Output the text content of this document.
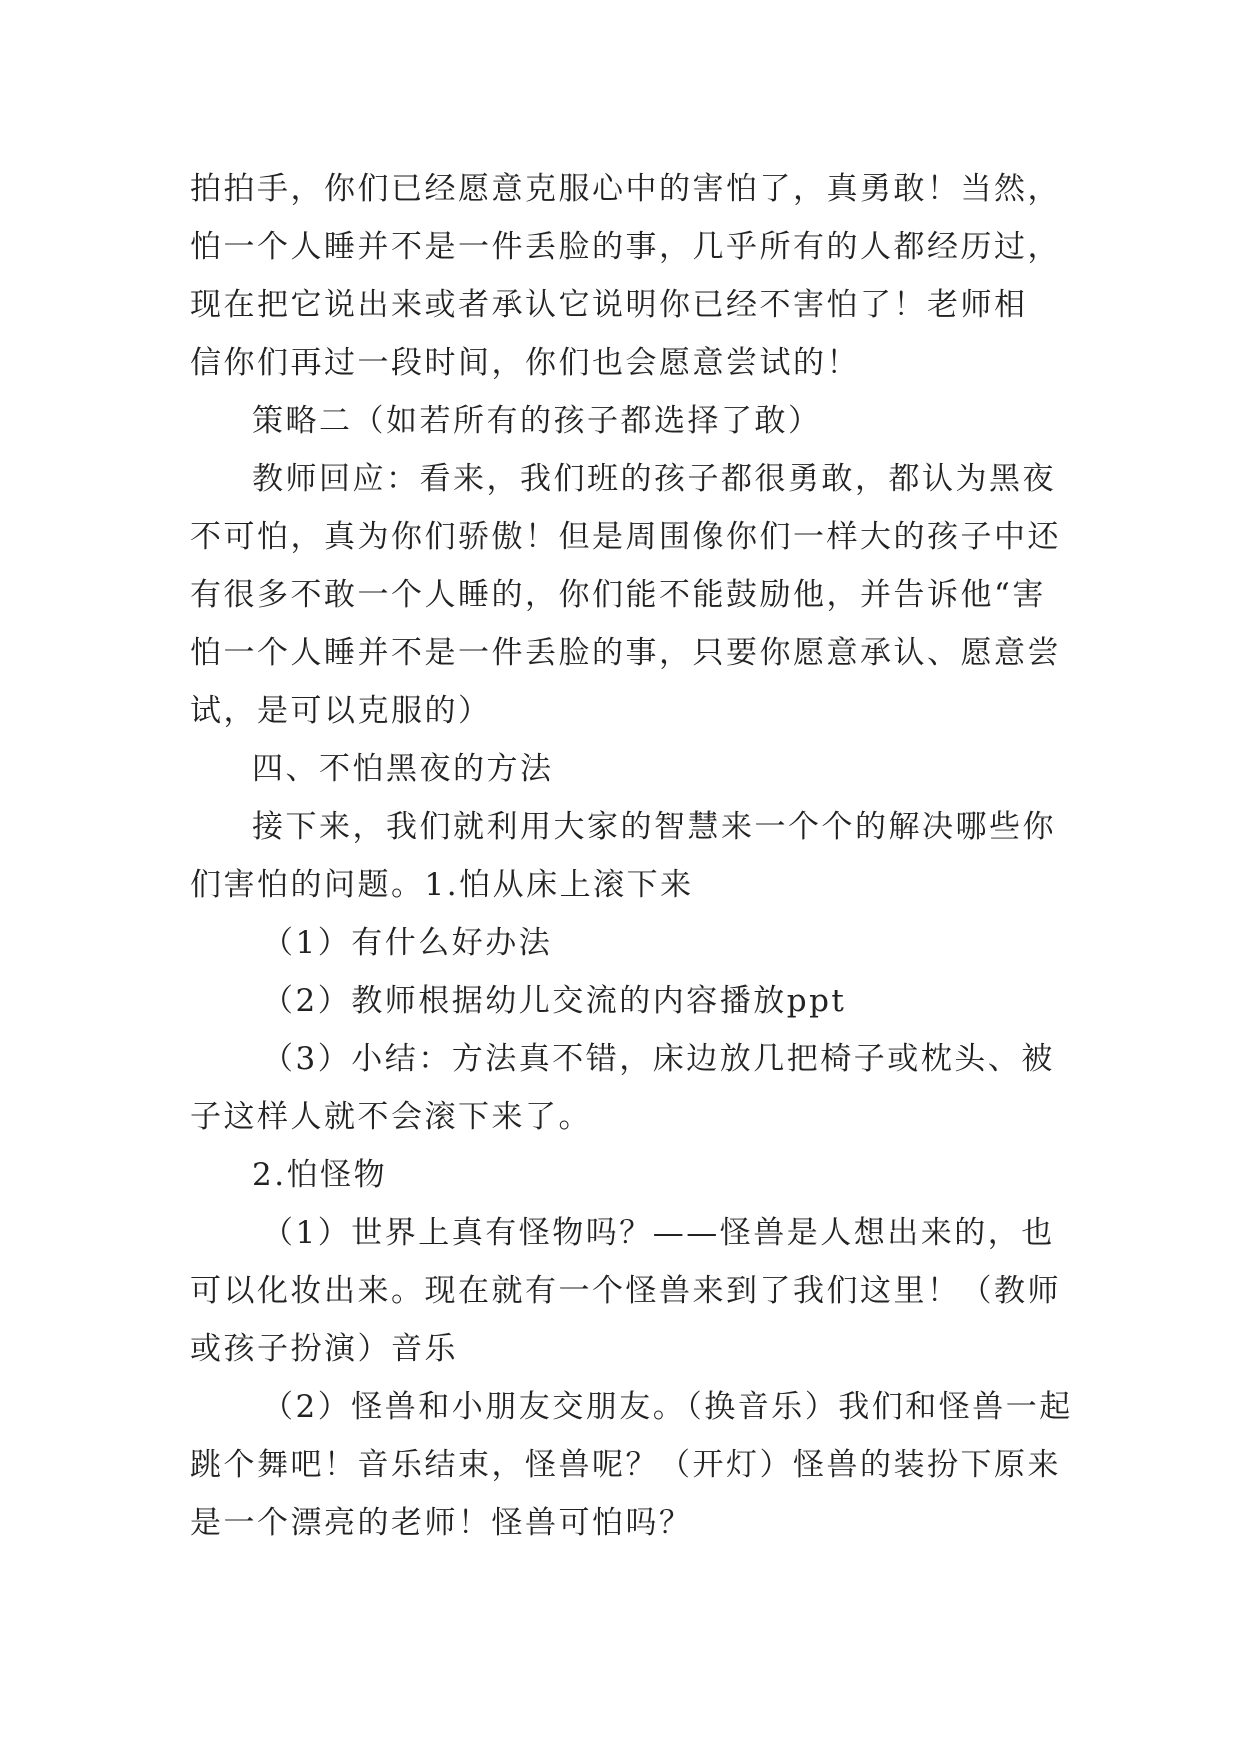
拍拍手，你们已经愿意克服心中的害怕了，真勇敢！当然，
怕一个人睡并不是一件丢脸的事，几乎所有的人都经历过，
现在把它说出来或者承认它说明你已经不害怕了！老师相
信你们再过一段时间，你们也会愿意尝试的！
策略二（如若所有的孩子都选择了敢）
教师回应：看来，我们班的孩子都很勇敢，都认为黑夜
不可怕，真为你们骄傲！但是周围像你们一样大的孩子中还
有很多不敢一个人睡的，你们能不能鼓励他，并告诉他“害
怕一个人睡并不是一件丢脸的事，只要你愿意承认、愿意尝
试，是可以克服的）
四、不怕黑夜的方法
接下来，我们就利用大家的智慧来一个个的解决哪些你
们害怕的问题。1.怕从床上滚下来
（1）有什么好办法
（2）教师根据幼儿交流的内容播放ppt
（3）小结：方法真不错，床边放几把椅子或枕头、被
子这样人就不会滚下来了。
2.怕怪物
（1）世界上真有怪物吗？——怪兽是人想出来的，也
可以化妆出来。现在就有一个怪兽来到了我们这里！（教师
或孩子扮演）音乐
（2）怪兽和小朋友交朋友。（换音乐）我们和怪兽一起
跳个舞吧！音乐结束，怪兽呢？（开灯）怪兽的装扮下原来
是一个漂亮的老师！怪兽可怕吗？
